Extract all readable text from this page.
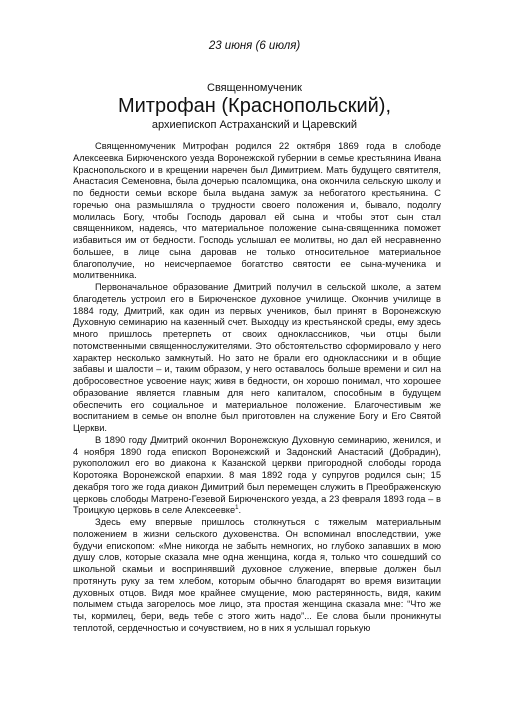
23 июня (6 июля)
Священномученик
Митрофан (Краснопольский),
архиепископ Астраханский и Царевский

Священномученик Митрофан родился 22 октября 1869 года в слободе Алексеевка Бирюченского уезда Воронежской губернии в семье крестьянина Ивана Краснопольского и в крещении наречен был Димитрием. Мать будущего святителя, Анастасия Семеновна, была дочерью псаломщика, она окончила сельскую школу и по бедности семьи вскоре была выдана замуж за небогатого крестьянина. С горечью она размышляла о трудности своего положения и, бывало, подолгу молилась Богу, чтобы Господь даровал ей сына и чтобы этот сын стал священником, надеясь, что материальное положение сына-священника поможет избавиться им от бедности. Господь услышал ее молитвы, но дал ей несравненно большее, в лице сына даровав не только относительное материальное благополучие, но неисчерпаемое богатство святости ее сына-мученика и молитвенника.

Первоначальное образование Дмитрий получил в сельской школе, а затем благодетель устроил его в Бирюченское духовное училище. Окончив училище в 1884 году, Дмитрий, как один из первых учеников, был принят в Воронежскую Духовную семинарию на казенный счет. Выходцу из крестьянской среды, ему здесь много пришлось претерпеть от своих одноклассников, чьи отцы были потомственными священнослужителями. Это обстоятельство сформировало у него характер несколько замкнутый. Но зато не брали его одноклассники и в общие забавы и шалости – и, таким образом, у него оставалось больше времени и сил на добросовестное усвоение наук; живя в бедности, он хорошо понимал, что хорошее образование является главным для него капиталом, способным в будущем обеспечить его социальное и материальное положение. Благочестивым же воспитанием в семье он вполне был приготовлен на служение Богу и Его Святой Церкви.

В 1890 году Дмитрий окончил Воронежскую Духовную семинарию, женился, и 4 ноября 1890 года епископ Воронежский и Задонский Анастасий (Добрадин), рукоположил его во диакона к Казанской церкви пригородной слободы города Коротояка Воронежской епархии. 8 мая 1892 года у супругов родился сын; 15 декабря того же года диакон Димитрий был перемещен служить в Преображенскую церковь слободы Матрено-Гезевой Бирюченского уезда, а 23 февраля 1893 года – в Троицкую церковь в селе Алексеевке$^1$.

Здесь ему впервые пришлось столкнуться с тяжелым материальным положением в жизни сельского духовенства. Он вспоминал впоследствии, уже будучи епископом: «Мне никогда не забыть немногих, но глубоко запавших в мою душу слов, которые сказала мне одна женщина, когда я, только что сошедший со школьной скамьи и воспринявший духовное служение, впервые должен был протянуть руку за тем хлебом, которым обычно благодарят во время визитации духовных отцов. Видя мое крайнее смущение, мою растерянность, видя, каким полымем стыда загорелось мое лицо, эта простая женщина сказала мне: “Что же ты, кормилец, бери, ведь тебе с этого жить надо”... Ее слова были проникнуты теплотой, сердечностью и сочувствием, но в них я услышал горькую
